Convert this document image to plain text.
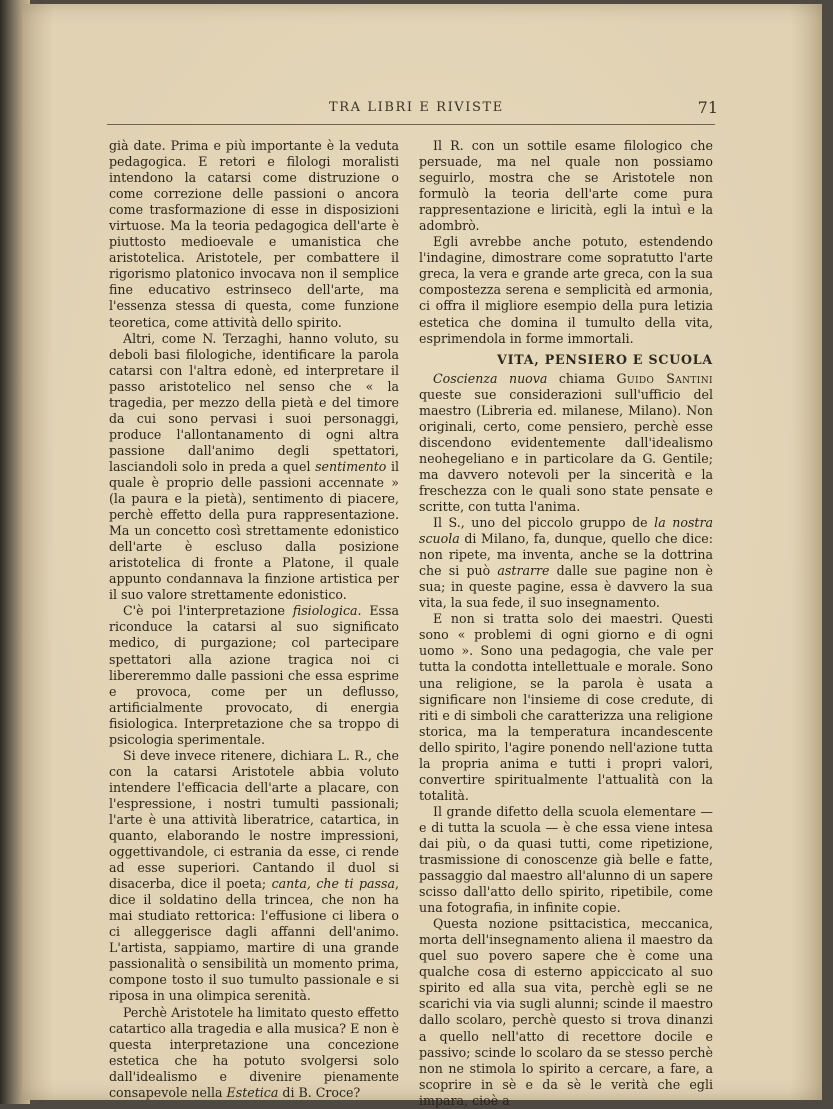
TRA LIBRI E RIVISTE	71

già date. Prima e più importante è la veduta pedagogica. E retori e filologi moralisti intendono la catarsi come distruzione o come correzione delle passioni o ancora come trasformazione di esse in disposizioni virtuose. Ma la teoria pedagogica dell'arte è piuttosto medioevale e umanistica che aristotelica. Aristotele, per combattere il rigorismo platonico invocava non il semplice fine educativo estrinseco dell'arte, ma l'essenza stessa di questa, come funzione teoretica, come attività dello spirito.

Altri, come N. Terzaghi, hanno voluto, su deboli basi filologiche, identificare la parola catarsi con l'altra edonè, ed interpretare il passo aristotelico nel senso che « la tragedia, per mezzo della pietà e del timore da cui sono pervasi i suoi personaggi, produce l'allontanamento di ogni altra passione dall'animo degli spettatori, lasciandoli solo in preda a quel sentimento il quale è proprio delle passioni accennate » (la paura e la pietà), sentimento di piacere, perchè effetto della pura rappresentazione. Ma un concetto così strettamente edonistico dell'arte è escluso dalla posizione aristotelica di fronte a Platone, il quale appunto condannava la finzione artistica per il suo valore strettamente edonistico.

C'è poi l'interpretazione fisiologica. Essa riconduce la catarsi al suo significato medico, di purgazione; col partecipare spettatori alla azione tragica noi ci libereremmo dalle passioni che essa esprime e provoca, come per un deflusso, artificialmente provocato, di energia fisiologica. Interpretazione che sa troppo di psicologia sperimentale.

Si deve invece ritenere, dichiara L. R., che con la catarsi Aristotele abbia voluto intendere l'efficacia dell'arte a placare, con l'espressione, i nostri tumulti passionali; l'arte è una attività liberatrice, catartica, in quanto, elaborando le nostre impressioni, oggettivandole, ci estrania da esse, ci rende ad esse superiori. Cantando il duol si disacerba, dice il poeta; canta, che ti passa, dice il soldatino della trincea, che non ha mai studiato rettorica: l'effusione ci libera o ci alleggerisce dagli affanni dell'animo. L'artista, sappiamo, martire di una grande passionalità o sensibilità un momento prima, compone tosto il suo tumulto passionale e si riposa in una olimpica serenità.

Perchè Aristotele ha limitato questo effetto catartico alla tragedia e alla musica? E non è questa interpretazione una concezione estetica che ha potuto svolgersi solo dall'idealismo e divenire pienamente consapevole nella Estetica di B. Croce?

Il R. con un sottile esame filologico che persuade, ma nel quale non possiamo seguirlo, mostra che se Aristotele non formulò la teoria dell'arte come pura rappresentazione e liricità, egli la intuì e la adombrò.

Egli avrebbe anche potuto, estendendo l'indagine, dimostrare come sopratutto l'arte greca, la vera e grande arte greca, con la sua compostezza serena e semplicità ed armonia, ci offra il migliore esempio della pura letizia estetica che domina il tumulto della vita, esprimendola in forme immortali.

VITA, PENSIERO E SCUOLA

Coscienza nuova chiama Guido Santini queste sue considerazioni sull'ufficio del maestro (Libreria ed. milanese, Milano). Non originali, certo, come pensiero, perchè esse discendono evidentemente dall'idealismo neohegeliano e in particolare da G. Gentile; ma davvero notevoli per la sincerità e la freschezza con le quali sono state pensate e scritte, con tutta l'anima.

Il S., uno del piccolo gruppo de la nostra scuola di Milano, fa, dunque, quello che dice: non ripete, ma inventa, anche se la dottrina che si può astrarre dalle sue pagine non è sua; in queste pagine, essa è davvero la sua vita, la sua fede, il suo insegnamento.

E non si tratta solo dei maestri. Questi sono « problemi di ogni giorno e di ogni uomo ». Sono una pedagogia, che vale per tutta la condotta intellettuale e morale. Sono una religione, se la parola è usata a significare non l'insieme di cose credute, di riti e di simboli che caratterizza una religione storica, ma la temperatura incandescente dello spirito, l'agire ponendo nell'azione tutta la propria anima e tutti i propri valori, convertire spiritualmente l'attualità con la totalità.

Il grande difetto della scuola elementare — e di tutta la scuola — è che essa viene intesa dai più, o da quasi tutti, come ripetizione, trasmissione di conoscenze già belle e fatte, passaggio dal maestro all'alunno di un sapere scisso dall'atto dello spirito, ripetibile, come una fotografia, in infinite copie.

Questa nozione psittacistica, meccanica, morta dell'insegnamento aliena il maestro da quel suo povero sapere che è come una qualche cosa di esterno appiccicato al suo spirito ed alla sua vita, perchè egli se ne scarichi via via sugli alunni; scinde il maestro dallo scolaro, perchè questo si trova dinanzi a quello nell'atto di recettore docile e passivo; scinde lo scolaro da se stesso perchè non ne stimola lo spirito a cercare, a fare, a scoprire in sè e da sè le verità che egli impara, cioè a
